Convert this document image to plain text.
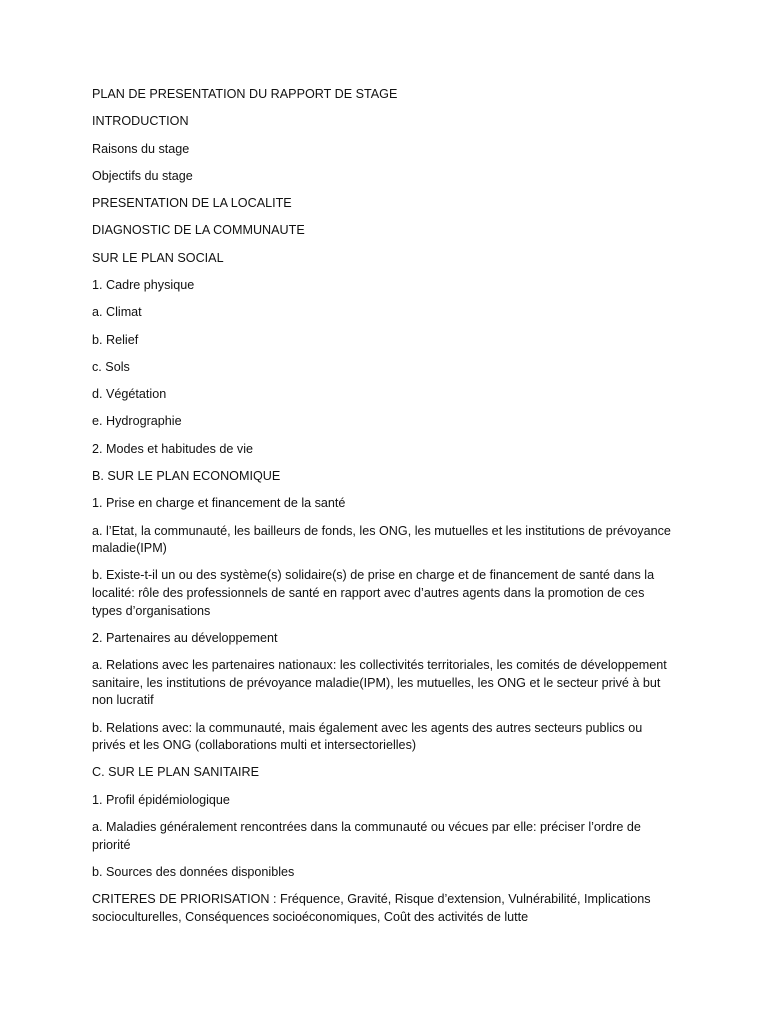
PLAN DE PRESENTATION DU RAPPORT DE STAGE

INTRODUCTION

Raisons du stage

Objectifs du stage

PRESENTATION DE LA LOCALITE

DIAGNOSTIC DE LA COMMUNAUTE

SUR LE PLAN SOCIAL

1. Cadre physique

a. Climat

b. Relief

c. Sols

d. Végétation

e. Hydrographie

2. Modes et habitudes de vie

B. SUR LE PLAN ECONOMIQUE

1. Prise en charge et financement de la santé

a. l’Etat, la communauté, les bailleurs de fonds, les ONG, les mutuelles et les institutions de prévoyance maladie(IPM)

b. Existe-t-il un ou des système(s) solidaire(s) de prise en charge et de financement de santé dans la localité: rôle des professionnels de santé en rapport avec d’autres agents dans la promotion de ces types d’organisations

2. Partenaires au développement

a. Relations avec les partenaires nationaux: les collectivités territoriales, les comités de développement sanitaire, les institutions de prévoyance maladie(IPM), les mutuelles, les ONG et le secteur privé à but non lucratif

b. Relations avec: la communauté, mais également avec les agents des autres secteurs publics ou privés et les ONG (collaborations multi et intersectorielles)

C. SUR LE PLAN SANITAIRE

1. Profil épidémiologique

a. Maladies généralement rencontrées dans la communauté ou vécues par elle: préciser l’ordre de priorité

b. Sources des données disponibles

CRITERES DE PRIORISATION : Fréquence, Gravité, Risque d’extension, Vulnérabilité, Implications socioculturelles, Conséquences socioéconomiques, Coût des activités de lutte
